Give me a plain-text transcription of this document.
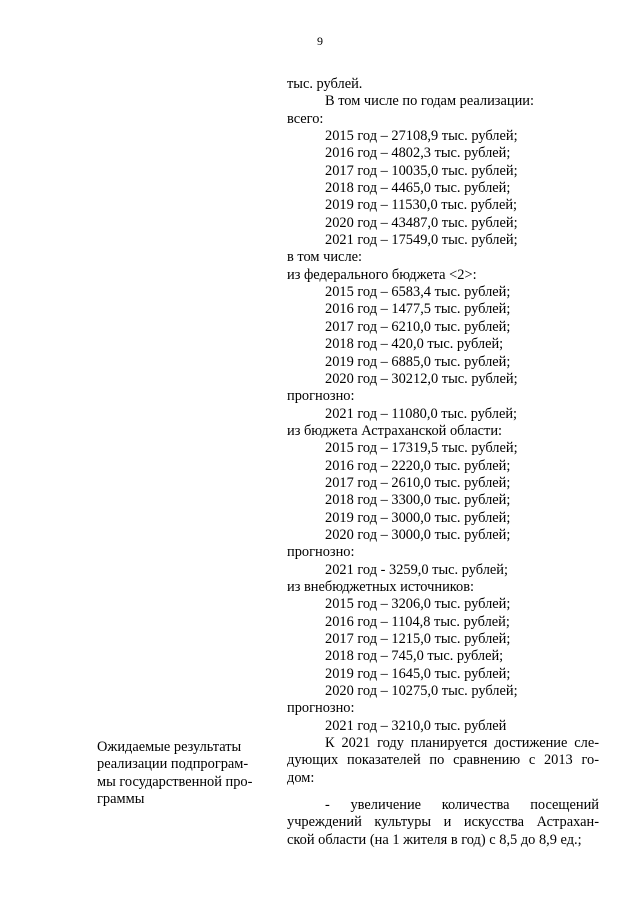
9
тыс. рублей.
В том числе по годам реализации:
всего:
2015 год – 27108,9 тыс. рублей;
2016 год – 4802,3 тыс. рублей;
2017 год – 10035,0 тыс. рублей;
2018 год – 4465,0 тыс. рублей;
2019 год – 11530,0 тыс. рублей;
2020 год – 43487,0 тыс. рублей;
2021 год – 17549,0 тыс. рублей;
в том числе:
из федерального бюджета <2>:
2015 год – 6583,4 тыс. рублей;
2016 год – 1477,5 тыс. рублей;
2017 год – 6210,0 тыс. рублей;
2018 год – 420,0 тыс. рублей;
2019 год – 6885,0 тыс. рублей;
2020 год – 30212,0 тыс. рублей;
прогнозно:
2021 год – 11080,0 тыс. рублей;
из бюджета Астраханской области:
2015 год – 17319,5 тыс. рублей;
2016 год – 2220,0 тыс. рублей;
2017 год – 2610,0 тыс. рублей;
2018 год – 3300,0 тыс. рублей;
2019 год – 3000,0 тыс. рублей;
2020 год – 3000,0 тыс. рублей;
прогнозно:
2021 год - 3259,0 тыс. рублей;
из внебюджетных источников:
2015 год – 3206,0 тыс. рублей;
2016 год – 1104,8 тыс. рублей;
2017 год – 1215,0 тыс. рублей;
2018 год – 745,0 тыс. рублей;
2019 год – 1645,0 тыс. рублей;
2020 год – 10275,0 тыс. рублей;
прогнозно:
2021 год – 3210,0 тыс. рублей
К 2021 году планируется достижение сле-
дующих показателей по сравнению с 2013 го-
дом:
- увеличение количества посещений
учреждений культуры и искусства Астрахан-
ской области (на 1 жителя в год) с 8,5 до 8,9 ед.;
Ожидаемые результаты
реализации подпрограм-
мы государственной про-
граммы
